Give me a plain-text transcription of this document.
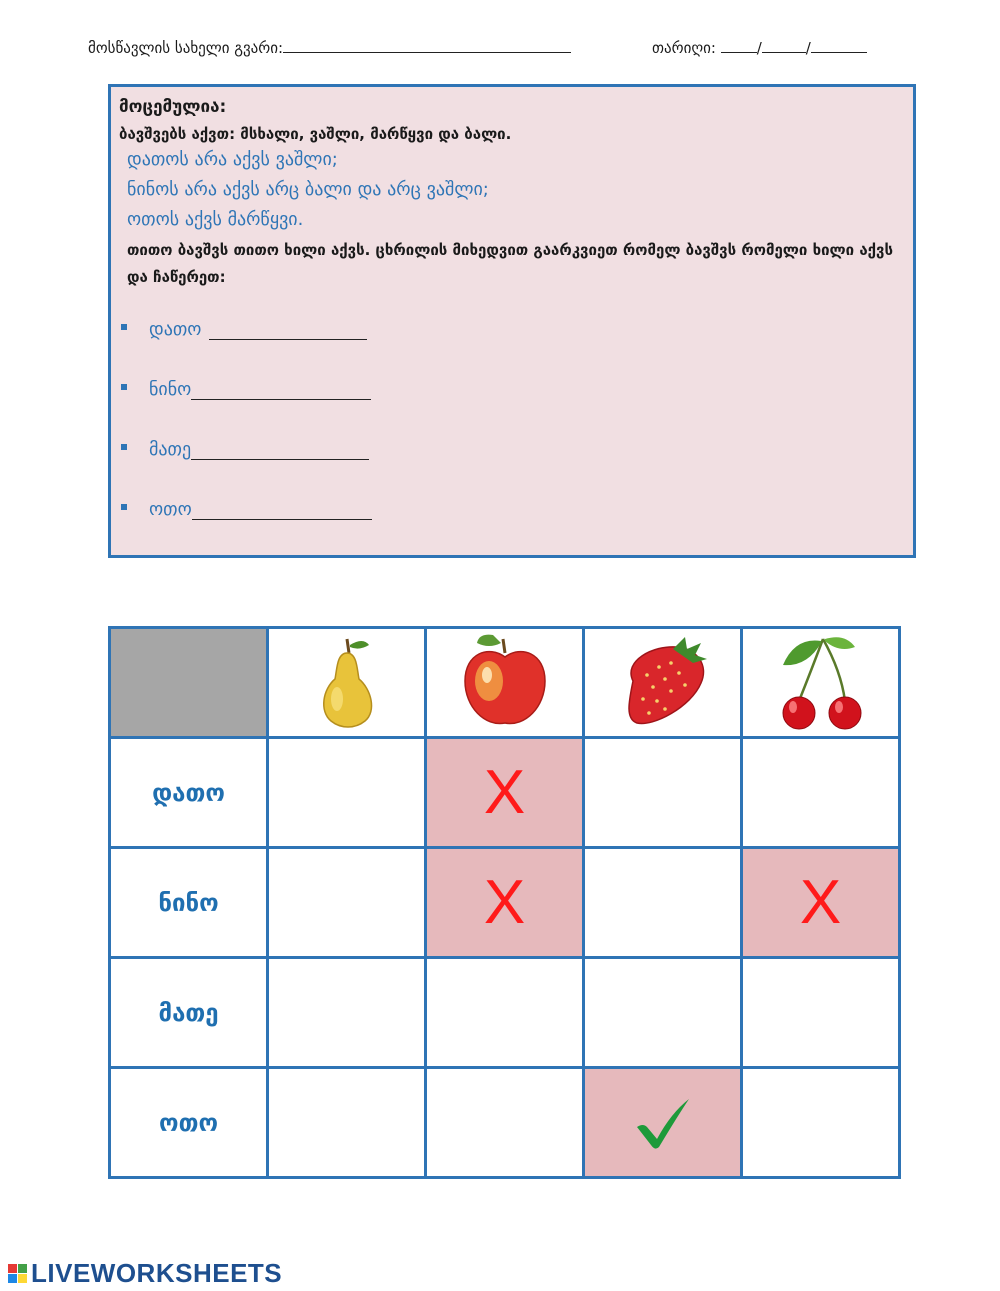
მოსწავლის სახელი გვარი:	თარიღი:	/	/
მოცემულია:
ბავშვებს აქვთ: მსხალი, ვაშლი, მარწყვი და ბალი.
დათოს არა აქვს ვაშლი;
ნინოს არა აქვს არც ბალი და არც ვაშლი;
ოთოს აქვს მარწყვი.
თითო ბავშვს თითო ხილი აქვს. ცხრილის მიხედვით გაარკვიეთ რომელ ბავშვს რომელი ხილი აქვს და ჩაწერეთ:
დათო
ნინო
მათე
ოთო

დათო		X		
ნინო		X		X
მათე				
ოთო			

LIVEWORKSHEETS
